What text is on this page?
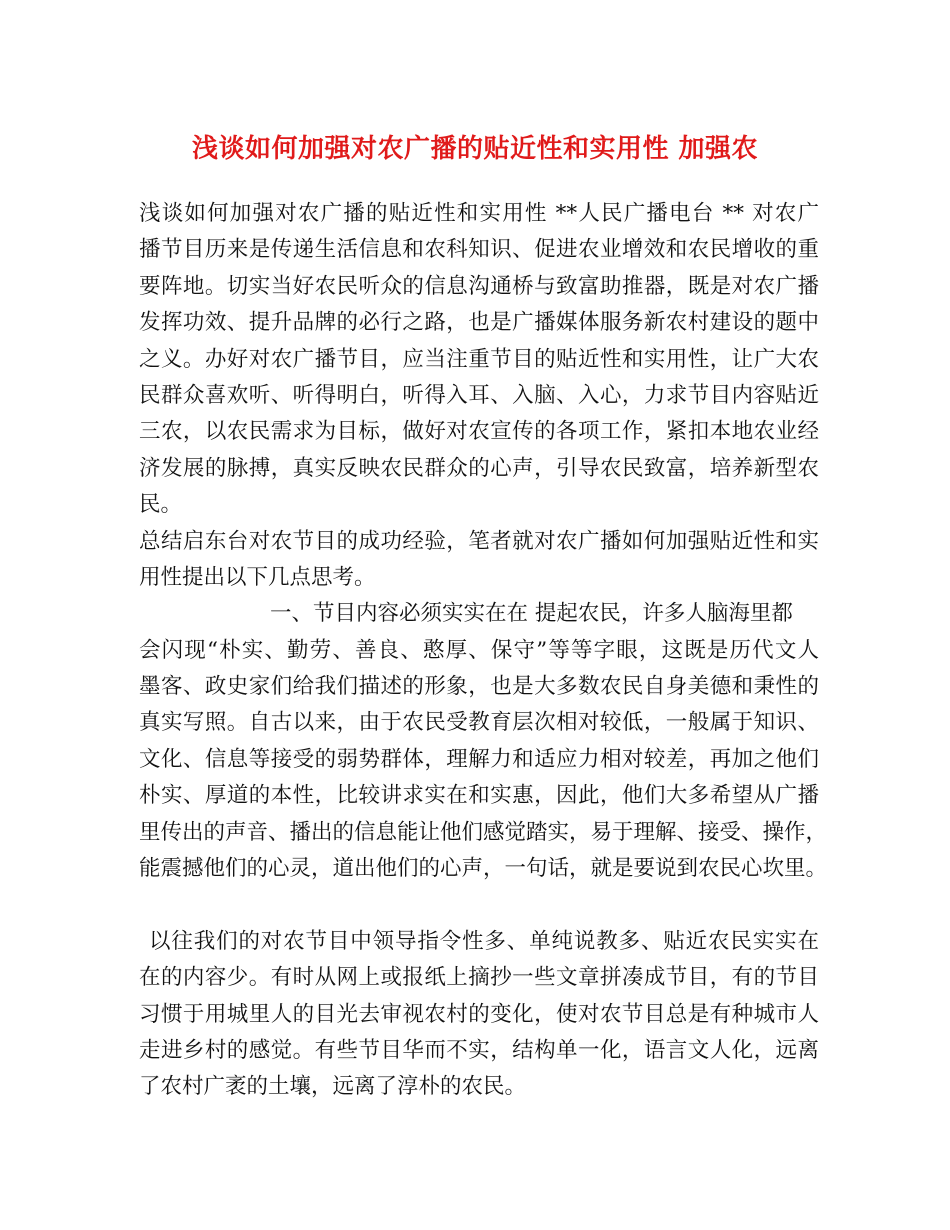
浅谈如何加强对农广播的贴近性和实用性 加强农
浅谈如何加强对农广播的贴近性和实用性 **人民广播电台 ** 对农广
播节目历来是传递生活信息和农科知识、促进农业增效和农民增收的重
要阵地。切实当好农民听众的信息沟通桥与致富助推器，既是对农广播
发挥功效、提升品牌的必行之路，也是广播媒体服务新农村建设的题中
之义。办好对农广播节目，应当注重节目的贴近性和实用性，让广大农
民群众喜欢听、听得明白，听得入耳、入脑、入心，力求节目内容贴近
三农，以农民需求为目标，做好对农宣传的各项工作，紧扣本地农业经
济发展的脉搏，真实反映农民群众的心声，引导农民致富，培养新型农
民。
总结启东台对农节目的成功经验，笔者就对农广播如何加强贴近性和实
用性提出以下几点思考。
一、节目内容必须实实在在 提起农民，许多人脑海里都
会闪现“朴实、勤劳、善良、憨厚、保守”等等字眼，这既是历代文人
墨客、政史家们给我们描述的形象，也是大多数农民自身美德和秉性的
真实写照。自古以来，由于农民受教育层次相对较低，一般属于知识、
文化、信息等接受的弱势群体，理解力和适应力相对较差，再加之他们
朴实、厚道的本性，比较讲求实在和实惠，因此，他们大多希望从广播
里传出的声音、播出的信息能让他们感觉踏实，易于理解、接受、操作，
能震撼他们的心灵，道出他们的心声，一句话，就是要说到农民心坎里。
以往我们的对农节目中领导指令性多、单纯说教多、贴近农民实实在
在的内容少。有时从网上或报纸上摘抄一些文章拼凑成节目，有的节目
习惯于用城里人的目光去审视农村的变化，使对农节目总是有种城市人
走进乡村的感觉。有些节目华而不实，结构单一化，语言文人化，远离
了农村广袤的土壤，远离了淳朴的农民。
